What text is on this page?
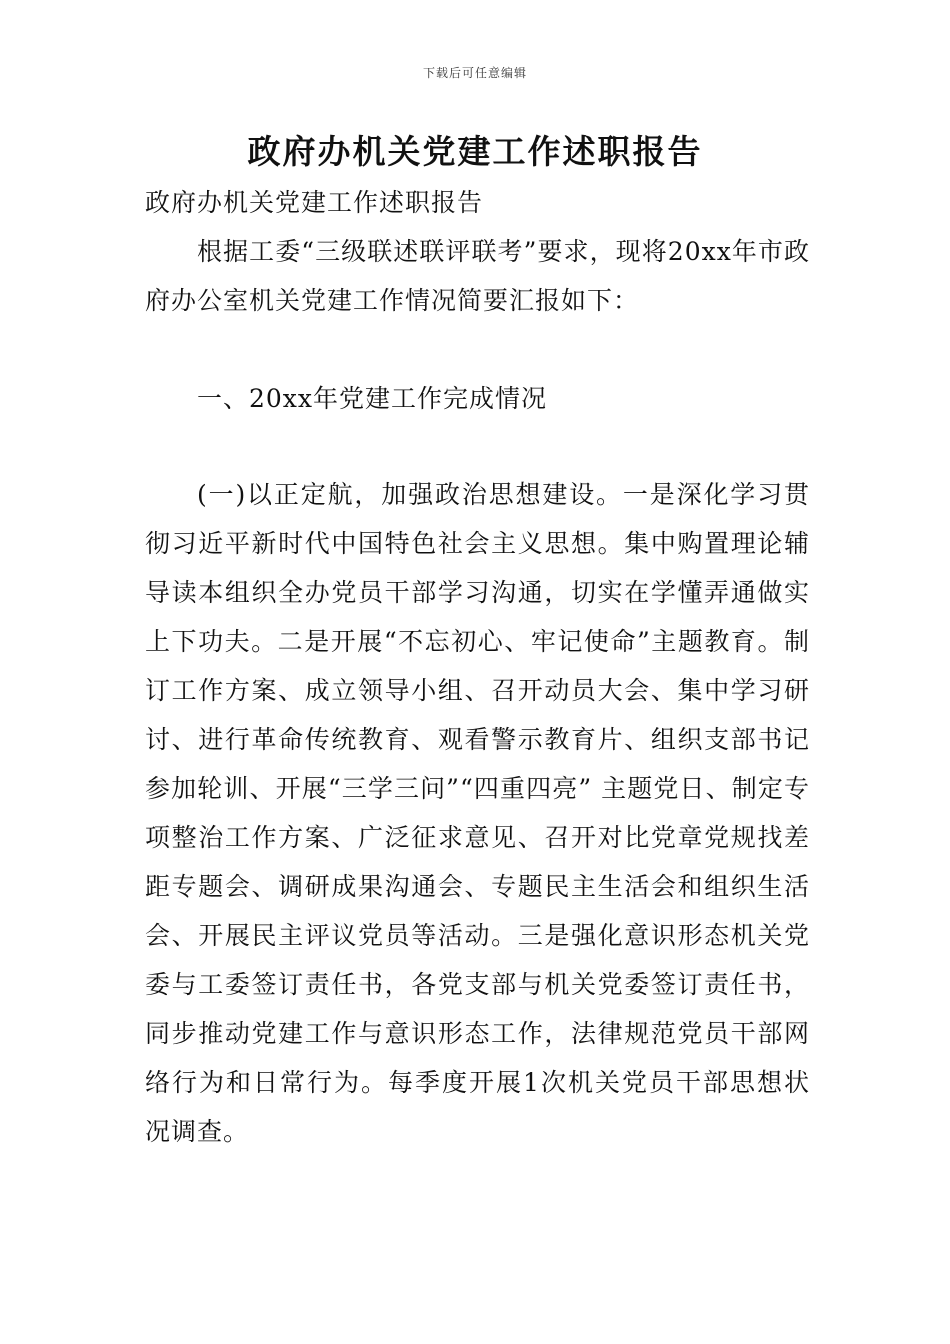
下载后可任意编辑
政府办机关党建工作述职报告
政府办机关党建工作述职报告
根据工委“三级联述联评联考”要求，现将20xx年市政府办公室机关党建工作情况简要汇报如下：
一、20xx年党建工作完成情况
(一)以正定航，加强政治思想建设。一是深化学习贯彻习近平新时代中国特色社会主义思想。集中购置理论辅导读本组织全办党员干部学习沟通，切实在学懂弄通做实上下功夫。二是开展“不忘初心、牢记使命”主题教育。制订工作方案、成立领导小组、召开动员大会、集中学习研讨、进行革命传统教育、观看警示教育片、组织支部书记参加轮训、开展“三学三问”“四重四亮” 主题党日、制定专项整治工作方案、广泛征求意见、召开对比党章党规找差距专题会、调研成果沟通会、专题民主生活会和组织生活会、开展民主评议党员等活动。三是强化意识形态机关党委与工委签订责任书，各党支部与机关党委签订责任书，同步推动党建工作与意识形态工作，法律规范党员干部网络行为和日常行为。每季度开展1次机关党员干部思想状况调查。
